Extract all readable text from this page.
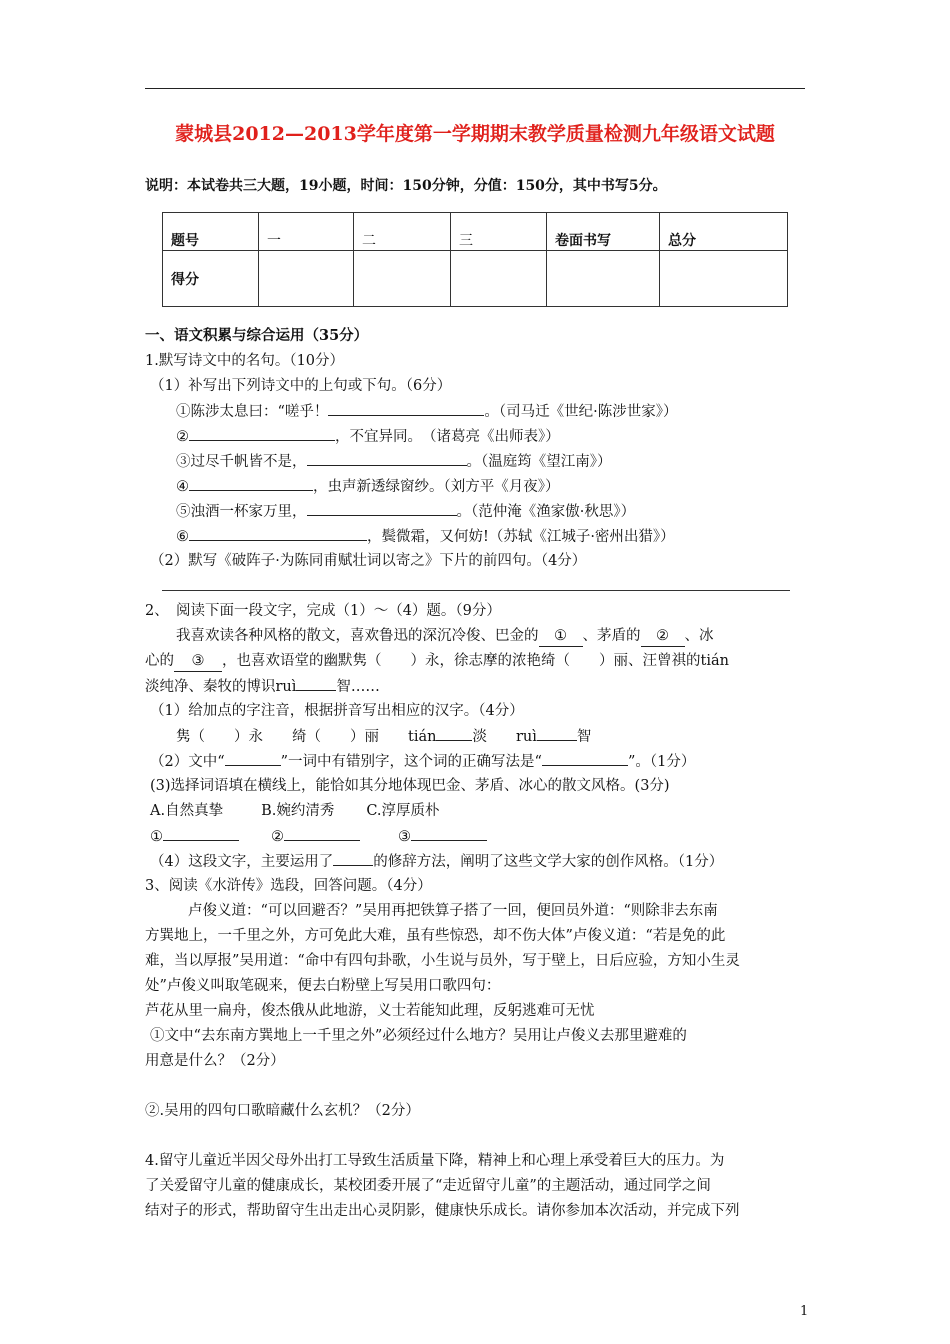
蒙城县2012—2013学年度第一学期期末教学质量检测九年级语文试题
说明：本试卷共三大题，19小题，时间：150分钟，分值：150分，其中书写5分。
题号	一	二	三	卷面书写	总分
得分					
一、语文积累与综合运用（35分）
1.默写诗文中的名句。（10分）
（1）补写出下列诗文中的上句或下句。（6分）
①陈涉太息曰：“嗟乎！	。（司马迁《世纪·陈涉世家》）
②	，不宜异同。　（诸葛亮《出师表》）
③过尽千帆皆不是，	。（温庭筠《望江南》）
④	，虫声新透绿窗纱。（刘方平《月夜》）
⑤浊酒一杯家万里，	。（范仲淹《渔家傲·秋思》）
⑥	，鬓微霜，又何妨!（苏轼《江城子·密州出猎》）
（2）默写《破阵子·为陈同甫赋壮词以寄之》下片的前四句。（4分）
2、　阅读下面一段文字，完成（1）～（4）题。（9分）
我喜欢读各种风格的散文，喜欢鲁迅的深沉冷俊、巴金的 ① 、茅盾的 ② 、冰
心的 ③ ，也喜欢语堂的幽默隽（　　）永，徐志摩的浓艳绮（　　）丽、汪曾祺的tián
淡纯净、秦牧的博识ruì	智……
（1）给加点的字注音，根据拼音写出相应的汉字。（4分）
隽（　　）永　　绮（　　）丽　　tián 淡　　ruì	智
（2）文中“	”一词中有错别字，这个词的正确写法是“	”。（1分）
(3)选择词语填在横线上，能恰如其分地体现巴金、茅盾、冰心的散文风格。(3分)
A.自然真挚	B.婉约清秀 C.淳厚质朴
①	②	③
（4）这段文字，主要运用了	的修辞方法，阐明了这些文学大家的创作风格。（1分）
3、阅读《水浒传》选段，回答问题。（4分）
卢俊义道：“可以回避否？”吴用再把铁算子搭了一回，便回员外道：“则除非去东南
方巽地上，一千里之外，方可免此大难，虽有些惊恐，却不伤大体”卢俊义道：“若是免的此
难，当以厚报”吴用道：“命中有四句卦歌，小生说与员外，写于壁上，日后应验，方知小生灵
处”卢俊义叫取笔砚来，便去白粉壁上写吴用口歌四句：
芦花从里一扁舟，俊杰俄从此地游，义士若能知此理，反躬逃难可无忧
①文中“去东南方巽地上一千里之外”必须经过什么地方？吴用让卢俊义去那里避难的
用意是什么？（2分）
②.吴用的四句口歌暗藏什么玄机？（2分）
4.留守儿童近半因父母外出打工导致生活质量下降，精神上和心理上承受着巨大的压力。为
了关爱留守儿童的健康成长，某校团委开展了“走近留守儿童”的主题活动，通过同学之间
结对子的形式，帮助留守生出走出心灵阴影，健康快乐成长。请你参加本次活动，并完成下列
1
